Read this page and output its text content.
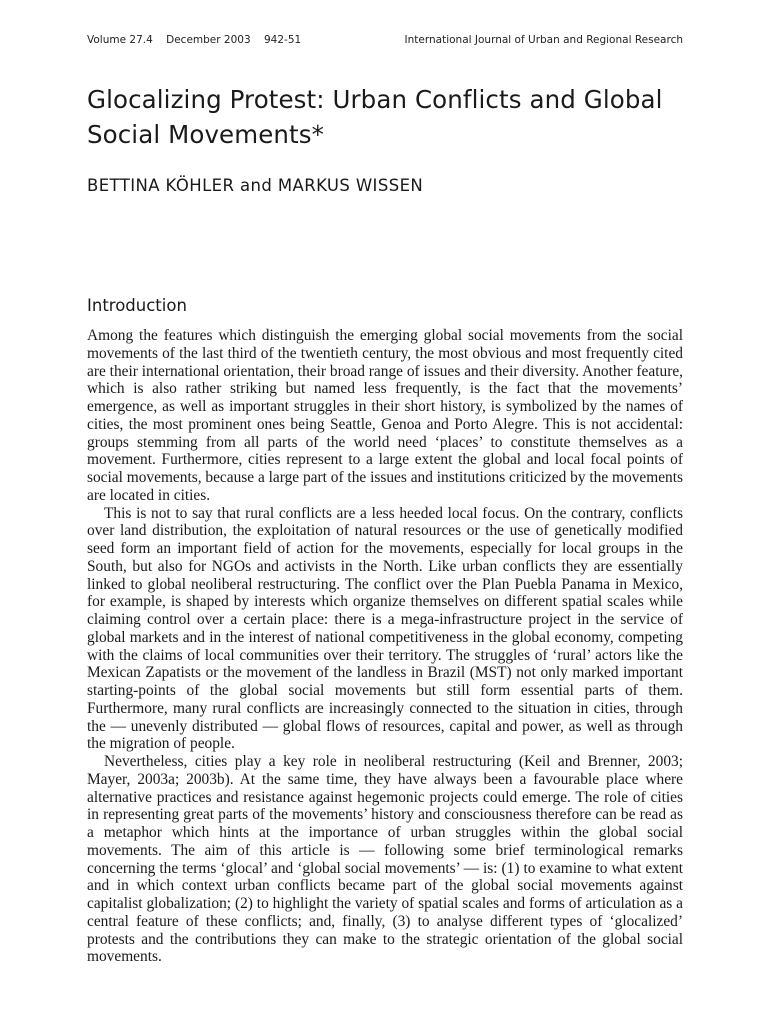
Volume 27.4 December 2003 942-51	International Journal of Urban and Regional Research
Glocalizing Protest: Urban Conflicts and Global Social Movements*
BETTINA KÖHLER and MARKUS WISSEN
Introduction

Among the features which distinguish the emerging global social movements from the social movements of the last third of the twentieth century, the most obvious and most frequently cited are their international orientation, their broad range of issues and their diversity. Another feature, which is also rather striking but named less frequently, is the fact that the movements’ emergence, as well as important struggles in their short history, is symbolized by the names of cities, the most prominent ones being Seattle, Genoa and Porto Alegre. This is not accidental: groups stemming from all parts of the world need ‘places’ to constitute themselves as a movement. Furthermore, cities represent to a large extent the global and local focal points of social movements, because a large part of the issues and institutions criticized by the movements are located in cities.

This is not to say that rural conflicts are a less heeded local focus. On the contrary, conflicts over land distribution, the exploitation of natural resources or the use of genetically modified seed form an important field of action for the movements, especially for local groups in the South, but also for NGOs and activists in the North. Like urban conflicts they are essentially linked to global neoliberal restructuring. The conflict over the Plan Puebla Panama in Mexico, for example, is shaped by interests which organize themselves on different spatial scales while claiming control over a certain place: there is a mega-infrastructure project in the service of global markets and in the interest of national competitiveness in the global economy, competing with the claims of local communities over their territory. The struggles of ‘rural’ actors like the Mexican Zapatists or the movement of the landless in Brazil (MST) not only marked important starting-points of the global social movements but still form essential parts of them. Furthermore, many rural conflicts are increasingly connected to the situation in cities, through the — unevenly distributed — global flows of resources, capital and power, as well as through the migration of people.

Nevertheless, cities play a key role in neoliberal restructuring (Keil and Brenner, 2003; Mayer, 2003a; 2003b). At the same time, they have always been a favourable place where alternative practices and resistance against hegemonic projects could emerge. The role of cities in representing great parts of the movements’ history and consciousness therefore can be read as a metaphor which hints at the importance of urban struggles within the global social movements. The aim of this article is — following some brief terminological remarks concerning the terms ‘glocal’ and ‘global social movements’ — is: (1) to examine to what extent and in which context urban conflicts became part of the global social movements against capitalist globalization; (2) to highlight the variety of spatial scales and forms of articulation as a central feature of these conflicts; and, finally, (3) to analyse different types of ‘glocalized’ protests and the contributions they can make to the strategic orientation of the global social movements.
